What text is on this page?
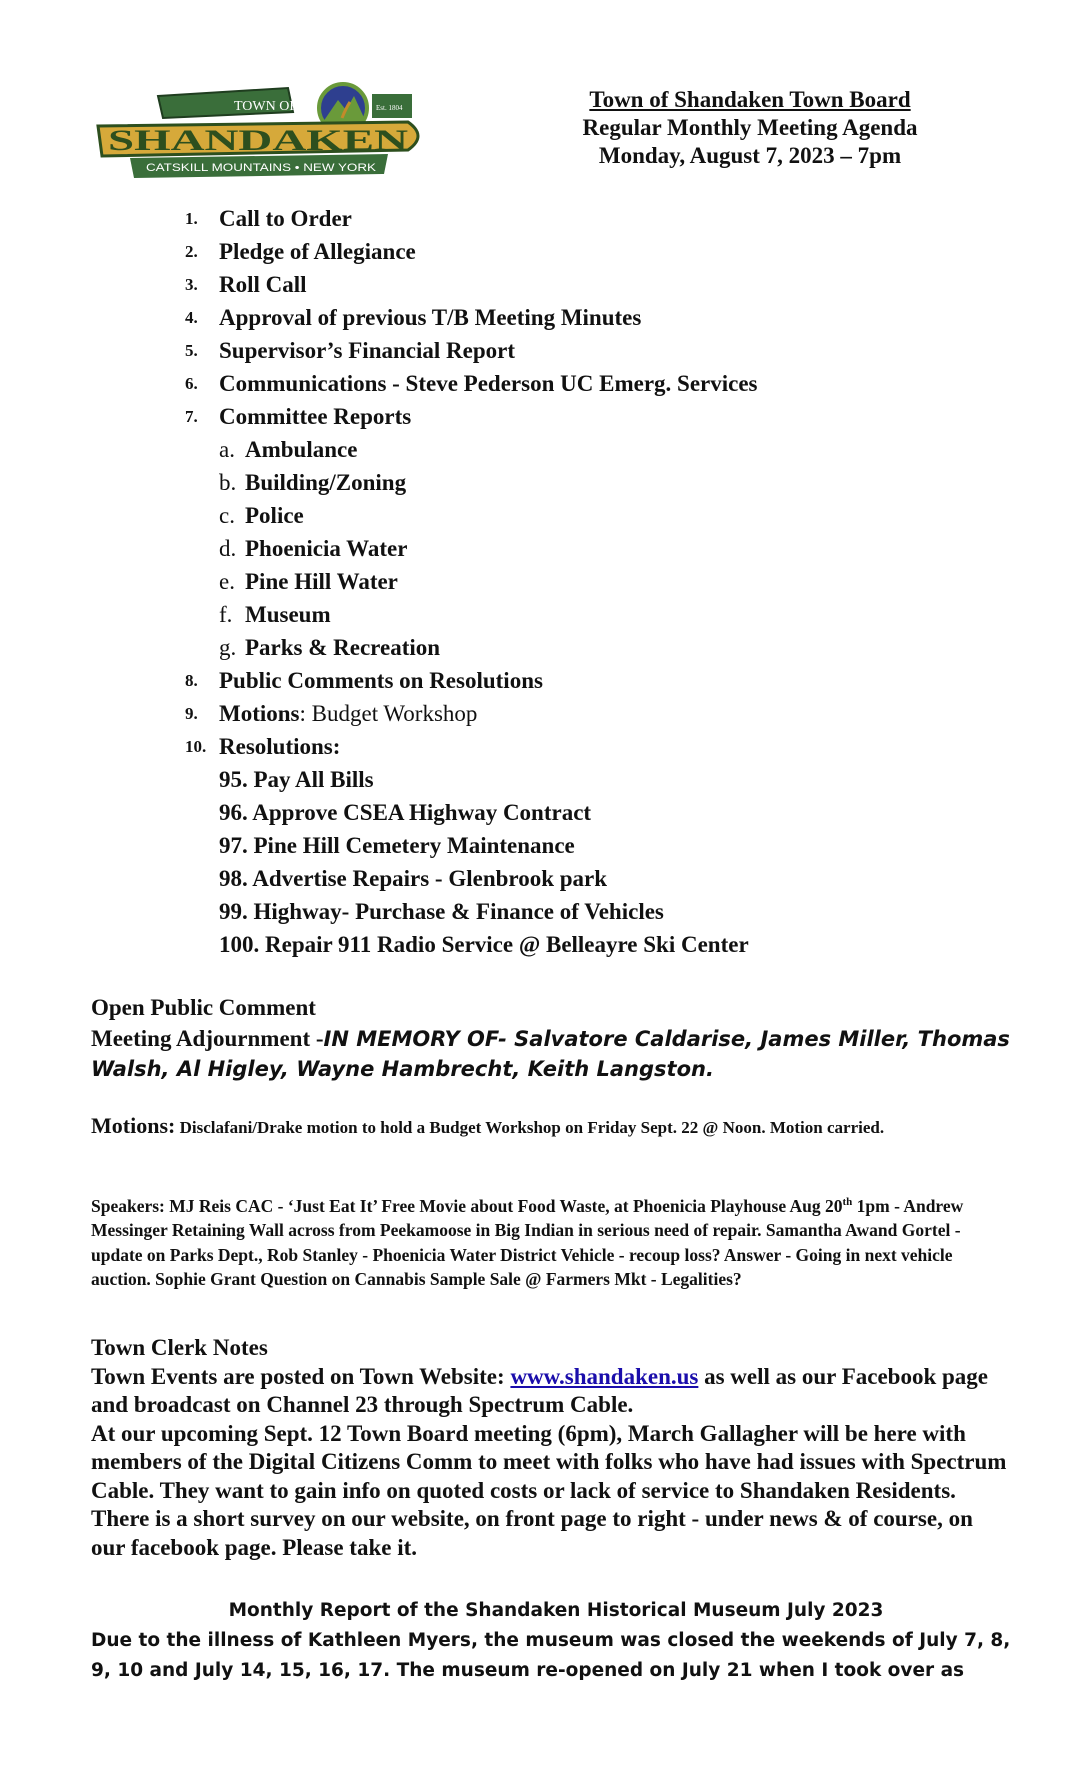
TOWN OF	Est. 1804
SHANDAKEN
CATSKILL MOUNTAINS • NEW YORK
Town of Shandaken Town Board
Regular Monthly Meeting Agenda
Monday, August 7, 2023 – 7pm
1. Call to Order
2. Pledge of Allegiance
3. Roll Call
4. Approval of previous T/B Meeting Minutes
5. Supervisor’s Financial Report
6. Communications - Steve Pederson UC Emerg. Services
7. Committee Reports
a. Ambulance
b. Building/Zoning
c. Police
d. Phoenicia Water
e. Pine Hill Water
f. Museum
g. Parks & Recreation
8. Public Comments on Resolutions
9. Motions: Budget Workshop
10. Resolutions:
95. Pay All Bills
96. Approve CSEA Highway Contract
97. Pine Hill Cemetery Maintenance
98. Advertise Repairs - Glenbrook park
99. Highway- Purchase & Finance of Vehicles
100. Repair 911 Radio Service @ Belleayre Ski Center
Open Public Comment
Meeting Adjournment -IN MEMORY OF- Salvatore Caldarise, James Miller, Thomas Walsh, Al Higley, Wayne Hambrecht, Keith Langston.
Motions: Disclafani/Drake motion to hold a Budget Workshop on Friday Sept. 22 @ Noon. Motion carried.
Speakers: MJ Reis CAC - ‘Just Eat It’ Free Movie about Food Waste, at Phoenicia Playhouse Aug 20th 1pm - Andrew Messinger Retaining Wall across from Peekamoose in Big Indian in serious need of repair. Samantha Awand Gortel - update on Parks Dept., Rob Stanley - Phoenicia Water District Vehicle - recoup loss? Answer - Going in next vehicle auction. Sophie Grant Question on Cannabis Sample Sale @ Farmers Mkt - Legalities?
Town Clerk Notes
Town Events are posted on Town Website: www.shandaken.us as well as our Facebook page and broadcast on Channel 23 through Spectrum Cable.
At our upcoming Sept. 12 Town Board meeting (6pm), March Gallagher will be here with members of the Digital Citizens Comm to meet with folks who have had issues with Spectrum Cable. They want to gain info on quoted costs or lack of service to Shandaken Residents. There is a short survey on our website, on front page to right - under news & of course, on our facebook page. Please take it.
Monthly Report of the Shandaken Historical Museum July 2023
Due to the illness of Kathleen Myers, the museum was closed the weekends of July 7, 8, 9, 10 and July 14, 15, 16, 17. The museum re-opened on July 21 when I took over as
